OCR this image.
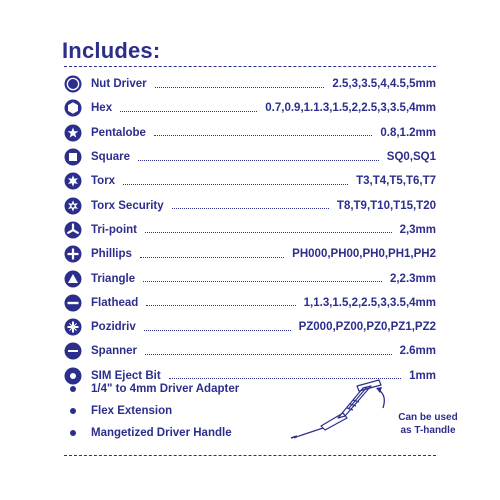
Includes:
Nut Driver	2.5,3,3.5,4,4.5,5mm
Hex	0.7,0.9,1.1.3,1.5,2,2.5,3,3.5,4mm
Pentalobe	0.8,1.2mm
Square	SQ0,SQ1
Torx	T3,T4,T5,T6,T7
Torx Security	T8,T9,T10,T15,T20
Tri-point	2,3mm
Phillips	PH000,PH00,PH0,PH1,PH2
Triangle	2,2.3mm
Flathead	1,1.3,1.5,2,2.5,3,3.5,4mm
Pozidriv	PZ000,PZ00,PZ0,PZ1,PZ2
Spanner	2.6mm
SIM Eject Bit	1mm
1/4" to 4mm Driver Adapter
Flex Extension
Mangetized Driver Handle
Can be used
as T-handle
